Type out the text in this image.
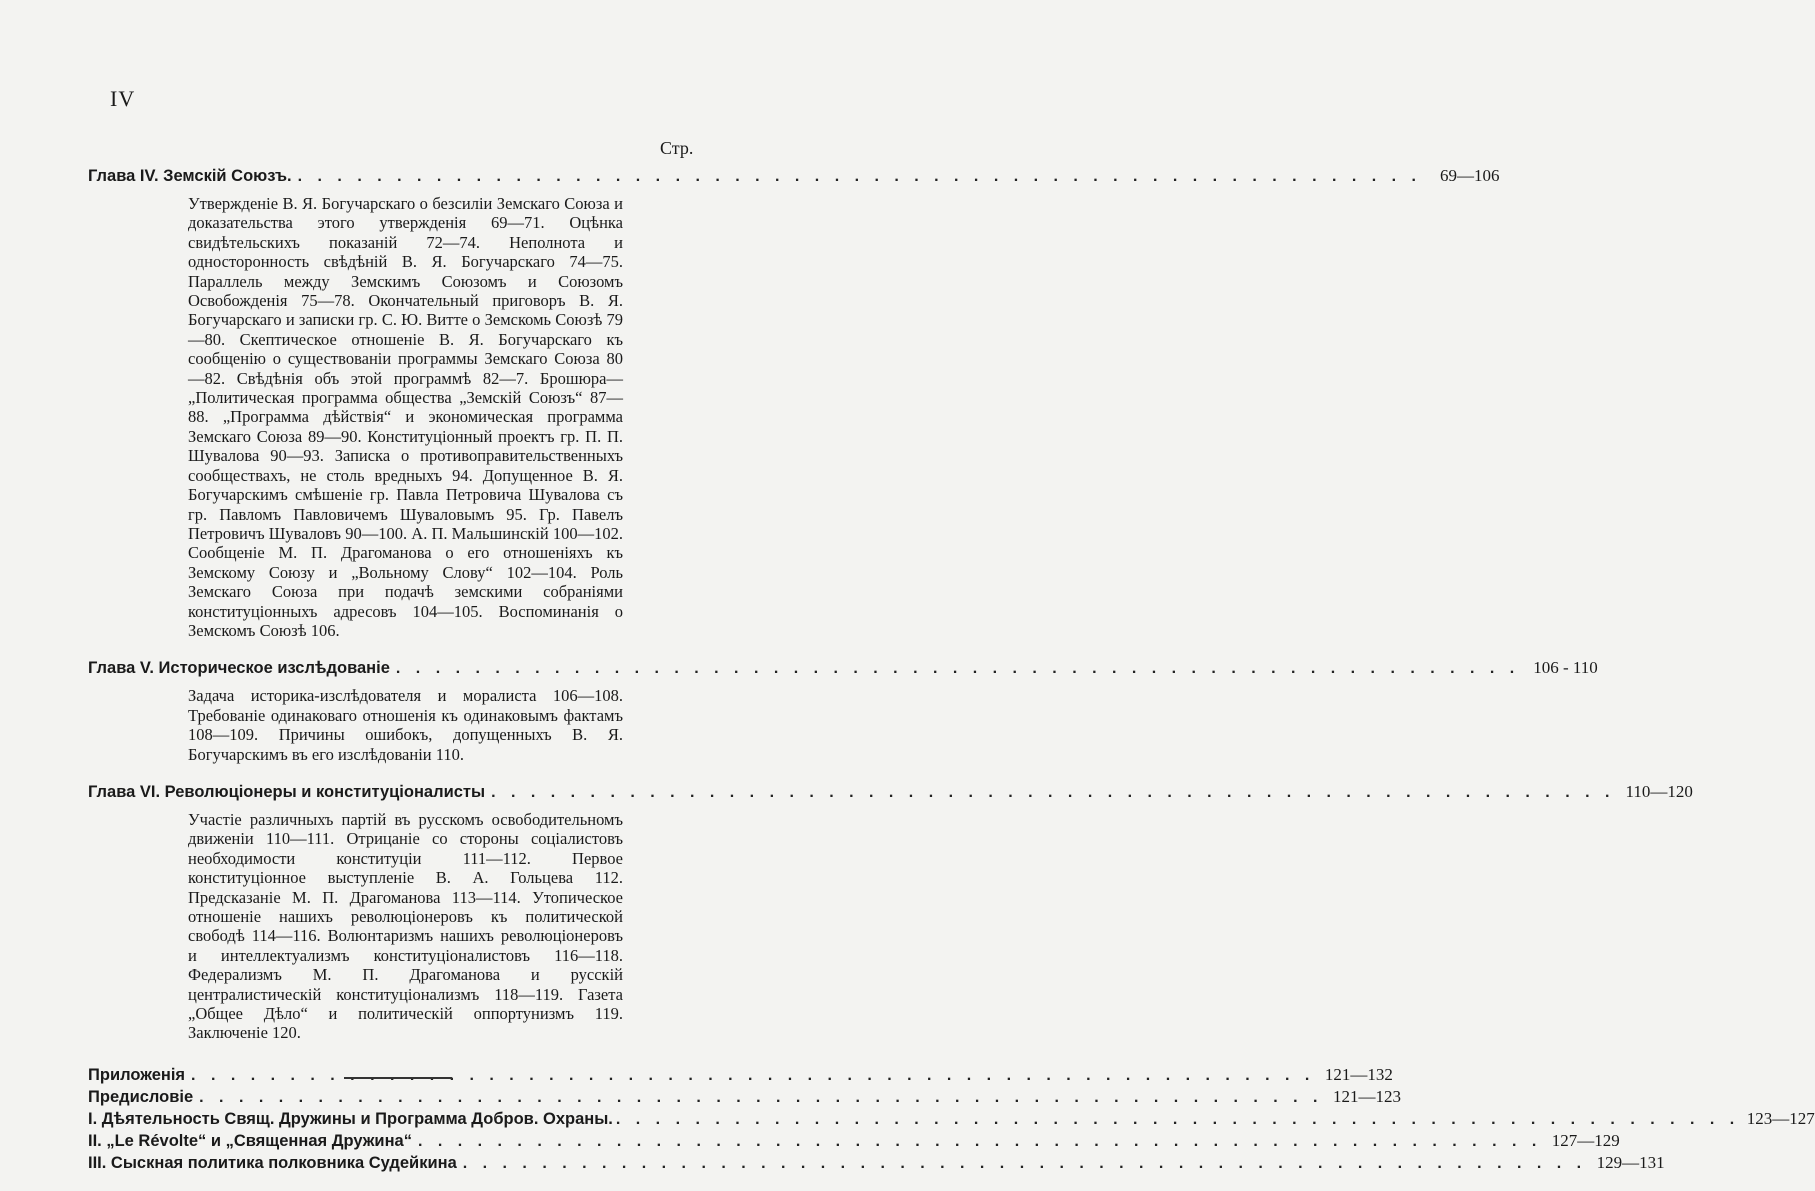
IV
Стр.
Глава IV. Земскій Союзъ. . . . . . . . . . . . . . . . . . . . . . . . . . . . . . . . . . . . . . . . . . . . . . . . . . . . . . . . . .	69—106
Утвержденіе В. Я. Богучарскаго о безсиліи Земскаго Союза и доказательства этого утвержденія 69—71. Оцѣнка свидѣтельскихъ показаній 72—74. Неполнота и односторонность свѣдѣній В. Я. Богучарскаго 74—75. Параллель между Земскимъ Союзомъ и Союзомъ Освобожденія 75—78. Окончательный приговоръ В. Я. Богучарскаго и записки гр. С. Ю. Витте о Земскомь Союзѣ 79—80. Скептическое отношеніе В. Я. Богучарскаго къ сообщенію о существованіи программы Земскаго Союза 80—82. Свѣдѣнія объ этой программѣ 82—7. Брошюра—„Политическая программа общества „Земскій Союзъ“ 87—88. „Программа дѣйствія“ и экономическая программа Земскаго Союза 89—90. Конституціонный проектъ гр. П. П. Шувалова 90—93. Записка о противоправительственныхъ сообществахъ, не столь вредныхъ 94. Допущенное В. Я. Богучарскимъ смѣшеніе гр. Павла Петровича Шувалова съ гр. Павломъ Павловичемъ Шуваловымъ 95. Гр. Павелъ Петровичъ Шуваловъ 90—100. А. П. Мальшинскій 100—102. Сообщеніе М. П. Драгоманова о его отношеніяхъ къ Земскому Союзу и „Вольному Слову“ 102—104. Роль Земскаго Союза при подачѣ земскими собраніями конституціонныхъ адресовъ 104—105. Воспоминанія о Земскомъ Союзѣ 106.
Глава V. Историческое изслѣдованіе . . . . . . . . . . . . . . . . . . . . . . . . . . . . . . . . . . . . . . . . . . . . . . . . . . . . . . . . . 106 - 110
Задача историка-изслѣдователя и моралиста 106—108. Требованіе одинаковаго отношенія къ одинаковымъ фактамъ 108—109. Причины ошибокъ, допущенныхъ В. Я. Богучарскимъ въ его изслѣдованіи 110.
Глава VI. Революціонеры и конституціоналисты . . . . . . . . . . . . . . . . . . . . . . . . . . . . . . . . . . . . . . . . . . . . . . . . . . . . . . . . . 110—120
Участіе различныхъ партій въ русскомъ освободительномъ движеніи 110—111. Отрицаніе со стороны соціалистовъ необходимости конституціи 111—112. Первое конституціонное выступленіе В. А. Гольцева 112. Предсказаніе М. П. Драгоманова 113—114. Утопическое отношеніе нашихъ революціонеровъ къ политической свободѣ 114—116. Волюнтаризмъ нашихъ революціонеровъ и интеллектуализмъ конституціоналистовъ 116—118. Федерализмъ М. П. Драгоманова и русскій централистическій конституціонализмъ 118—119. Газета „Общее Дѣло“ и политическій оппортунизмъ 119. Заключеніе 120.
Приложенія . . . . . . . . . . . . . . . . . . . . . . . . . . . . . . . . . . . . . . . . . . . . . . . . . . . . . . . . . 121—132
Предисловіе . . . . . . . . . . . . . . . . . . . . . . . . . . . . . . . . . . . . . . . . . . . . . . . . . . . . . . . . . 121—123
I. Дѣятельность Свящ. Дружины и Программа Добров. Охраны. . . . . . . . . . . . . . . . . . . . . . . . . . . . . . . . . . . . . . . . . . . . . . . . . . . . . . . . . . 123—127
II. „Le Révolte“ и „Священная Дружина“ . . . . . . . . . . . . . . . . . . . . . . . . . . . . . . . . . . . . . . . . . . . . . . . . . . . . . . . . . 127—129
III. Сыскная политика полковника Судейкина . . . . . . . . . . . . . . . . . . . . . . . . . . . . . . . . . . . . . . . . . . . . . . . . . . . . . . . . . 129—131
